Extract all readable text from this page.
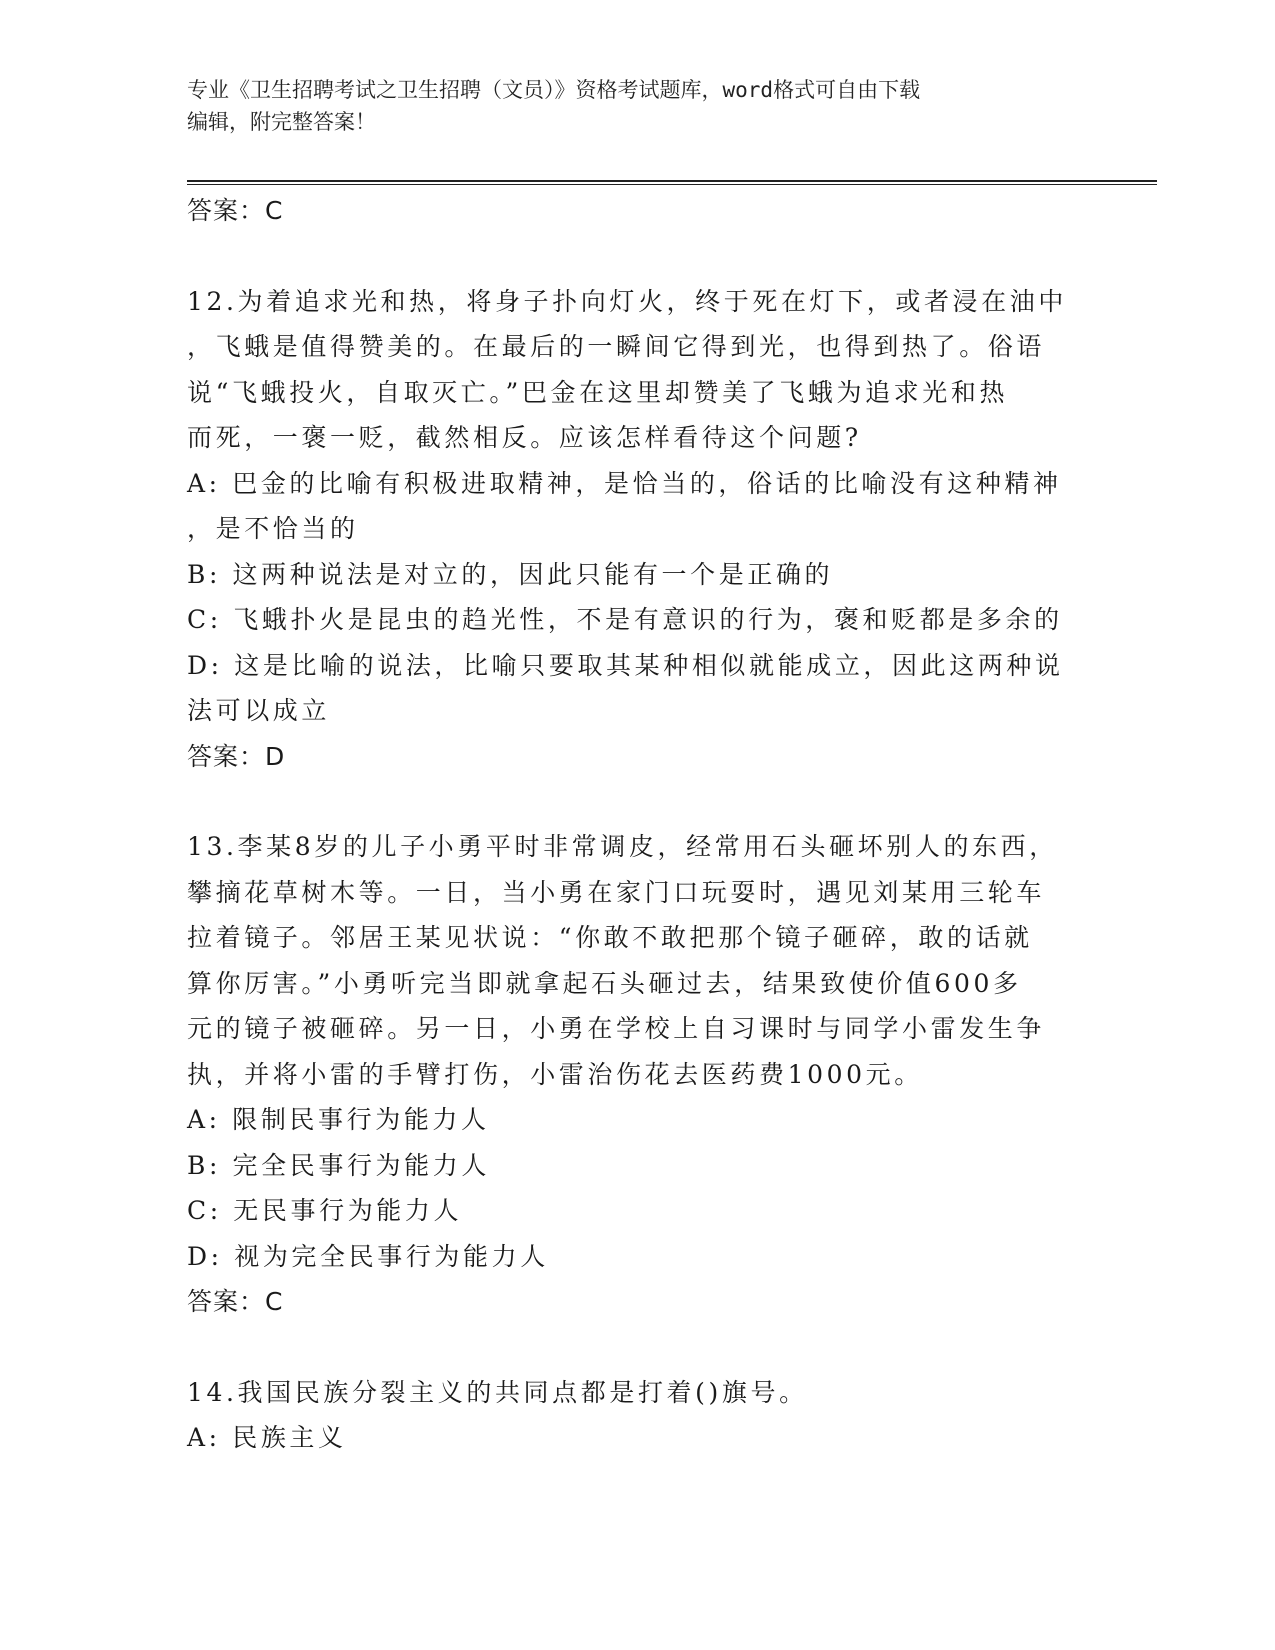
专业《卫生招聘考试之卫生招聘（文员）》资格考试题库，word格式可自由下载
编辑，附完整答案！
答案：C
12.为着追求光和热，将身子扑向灯火，终于死在灯下，或者浸在油中
，飞蛾是值得赞美的。在最后的一瞬间它得到光，也得到热了。俗语
说“飞蛾投火，自取灭亡。”巴金在这里却赞美了飞蛾为追求光和热
而死，一褒一贬，截然相反。应该怎样看待这个问题?
A: 巴金的比喻有积极进取精神，是恰当的，俗话的比喻没有这种精神
，是不恰当的
B: 这两种说法是对立的，因此只能有一个是正确的
C: 飞蛾扑火是昆虫的趋光性，不是有意识的行为，褒和贬都是多余的
D: 这是比喻的说法，比喻只要取其某种相似就能成立，因此这两种说
法可以成立
答案：D
13.李某8岁的儿子小勇平时非常调皮，经常用石头砸坏别人的东西，
攀摘花草树木等。一日，当小勇在家门口玩耍时，遇见刘某用三轮车
拉着镜子。邻居王某见状说：“你敢不敢把那个镜子砸碎，敢的话就
算你厉害。”小勇听完当即就拿起石头砸过去，结果致使价值600多
元的镜子被砸碎。另一日，小勇在学校上自习课时与同学小雷发生争
执，并将小雷的手臂打伤，小雷治伤花去医药费1000元。
A: 限制民事行为能力人
B: 完全民事行为能力人
C: 无民事行为能力人
D: 视为完全民事行为能力人
答案：C
14.我国民族分裂主义的共同点都是打着()旗号。
A: 民族主义
